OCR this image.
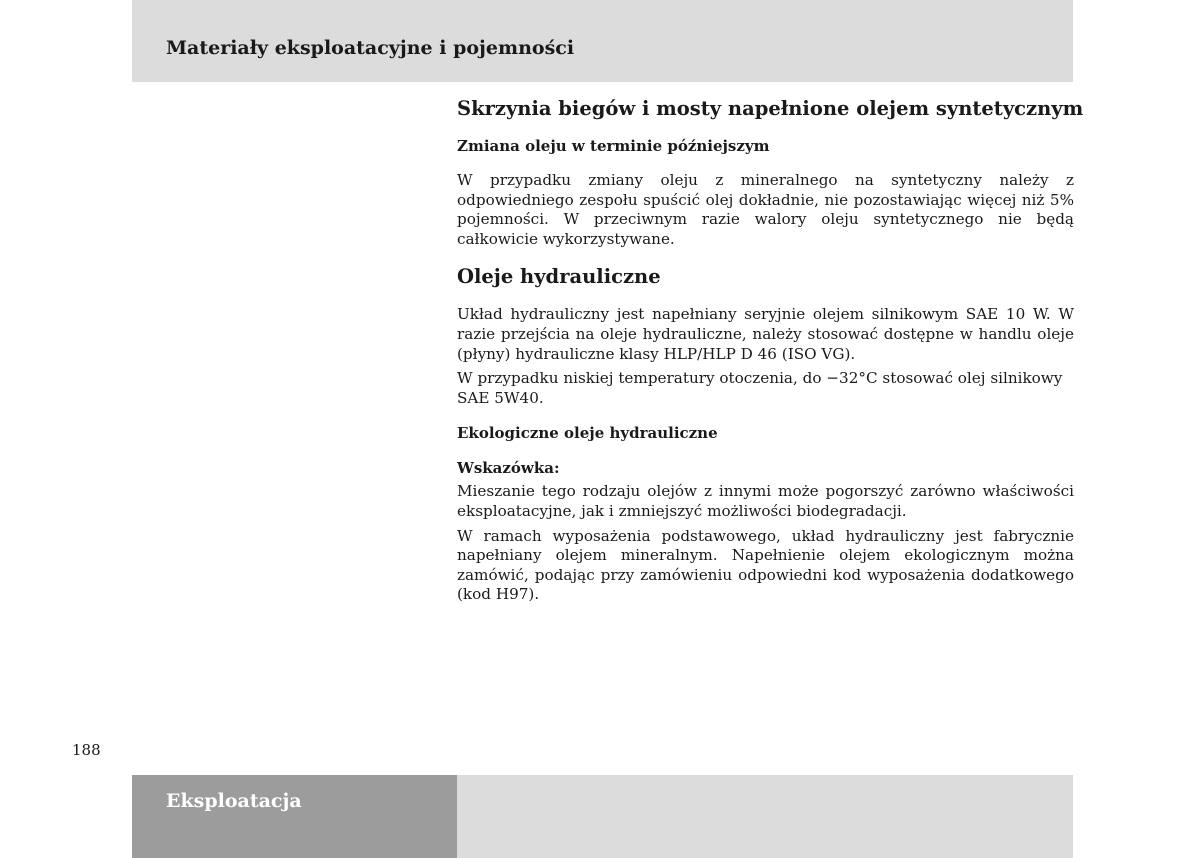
Materiały eksploatacyjne i pojemności
Skrzynia biegów i mosty napełnione olejem syntetycznym
Zmiana oleju w terminie późniejszym

W przypadku zmiany oleju z mineralnego na syntetyczny należy z odpowiedniego zespołu spuścić olej dokładnie, nie pozostawiając więcej niż 5% pojemności. W przeciwnym razie walory oleju syntetycznego nie będą całkowicie wykorzystywane.

Oleje hydrauliczne

Układ hydrauliczny jest napełniany seryjnie olejem silnikowym SAE 10 W. W razie przejścia na oleje hydrauliczne, należy stosować dostępne w handlu oleje (płyny) hydrauliczne klasy HLP/HLP D 46 (ISO VG).

W przypadku niskiej temperatury otoczenia, do −32°C stosować olej silnikowy
SAE 5W40.

Ekologiczne oleje hydrauliczne
Wskazówka:

Mieszanie tego rodzaju olejów z innymi może pogorszyć zarówno właściwości eksploatacyjne, jak i zmniejszyć możliwości biodegradacji.

W ramach wyposażenia podstawowego, układ hydrauliczny jest fabrycznie napełniany olejem mineralnym. Napełnienie olejem ekologicznym można zamówić, podając przy zamówieniu odpowiedni kod wyposażenia dodatkowego (kod H97).

188
Eksploatacja
